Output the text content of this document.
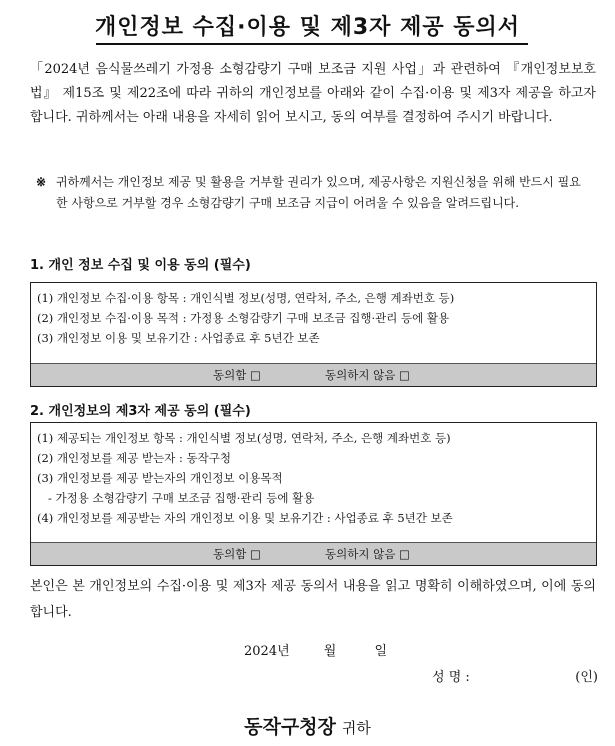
개인정보 수집·이용 및 제3자 제공 동의서

「2024년 음식물쓰레기 가정용 소형감량기 구매 보조금 지원 사업」과 관련하여 『개인정보보호법』 제15조 및 제22조에 따라 귀하의 개인정보를 아래와 같이 수집·이용 및 제3자 제공을 하고자 합니다. 귀하께서는 아래 내용을 자세히 읽어 보시고, 동의 여부를 결정하여 주시기 바랍니다.

※ 귀하께서는 개인정보 제공 및 활용을 거부할 권리가 있으며, 제공사항은 지원신청을 위해 반드시 필요한 사항으로 거부할 경우 소형감량기 구매 보조금 지급이 어려울 수 있음을 알려드립니다.
1. 개인 정보 수집 및 이용 동의 (필수)
(1) 개인정보 수집·이용 항목 : 개인식별 정보(성명, 연락처, 주소, 은행 계좌번호 등)
(2) 개인정보 수집·이용 목적 : 가정용 소형감량기 구매 보조금 집행·관리 등에 활용
(3) 개인정보 이용 및 보유기간 : 사업종료 후 5년간 보존
동의함 □	동의하지 않음 □
2. 개인정보의 제3자 제공 동의 (필수)
(1) 제공되는 개인정보 항목 : 개인식별 정보(성명, 연락처, 주소, 은행 계좌번호 등)
(2) 개인정보를 제공 받는자 : 동작구청
(3) 개인정보를 제공 받는자의 개인정보 이용목적
- 가정용 소형감량기 구매 보조금 집행·관리 등에 활용
(4) 개인정보를 제공받는 자의 개인정보 이용 및 보유기간 : 사업종료 후 5년간 보존
동의함 □	동의하지 않음 □

본인은 본 개인정보의 수집·이용 및 제3자 제공 동의서 내용을 읽고 명확히 이해하였으며, 이에 동의합니다.

2024년	월	일
성 명 :	(인)
동작구청장 귀하
